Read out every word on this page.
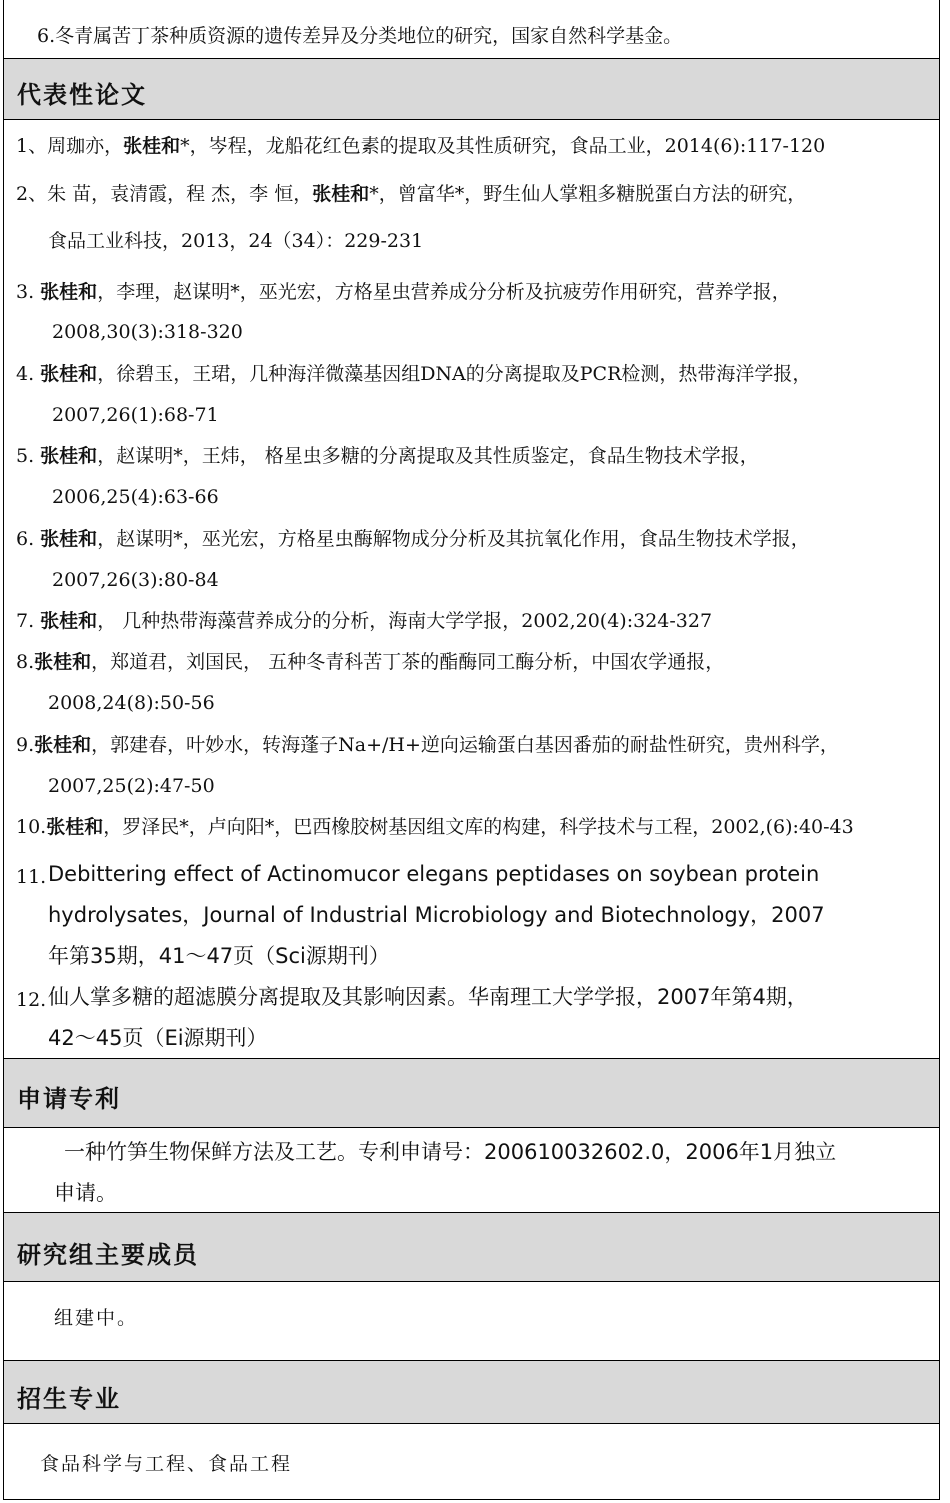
6.冬青属苦丁茶种质资源的遗传差异及分类地位的研究，国家自然科学基金。
代表性论文
1、周珈亦，张桂和*，岑程，龙船花红色素的提取及其性质研究，食品工业，2014(6):117-120
2、朱 苗，袁清霞，程 杰，李 恒，张桂和*，曾富华*，野生仙人掌粗多糖脱蛋白方法的研究，
食品工业科技，2013，24（34）：229-231
3. 张桂和，李理，赵谋明*，巫光宏，方格星虫营养成分分析及抗疲劳作用研究，营养学报，
2008,30(3):318-320
4. 张桂和，徐碧玉，王珺，几种海洋微藻基因组DNA的分离提取及PCR检测，热带海洋学报，
2007,26(1):68-71
5. 张桂和，赵谋明*，王炜， 格星虫多糖的分离提取及其性质鉴定，食品生物技术学报，
2006,25(4):63-66
6. 张桂和，赵谋明*，巫光宏，方格星虫酶解物成分分析及其抗氧化作用，食品生物技术学报，
2007,26(3):80-84
7. 张桂和， 几种热带海藻营养成分的分析，海南大学学报，2002,20(4):324-327
8.张桂和，郑道君，刘国民， 五种冬青科苦丁茶的酯酶同工酶分析，中国农学通报，
2008,24(8):50-56
9.张桂和，郭建春，叶妙水，转海蓬子Na+/H+逆向运输蛋白基因番茄的耐盐性研究，贵州科学，
2007,25(2):47-50
10.张桂和，罗泽民*，卢向阳*，巴西橡胶树基因组文库的构建，科学技术与工程，2002,(6):40-43
11. Debittering effect of Actinomucor elegans peptidases on soybean protein
hydrolysates，Journal of Industrial Microbiology and Biotechnology，2007
年第35期，41～47页（Sci源期刊）
12. 仙人掌多糖的超滤膜分离提取及其影响因素。华南理工大学学报，2007年第4期，
42～45页（Ei源期刊）
申请专利
一种竹笋生物保鲜方法及工艺。专利申请号：200610032602.0，2006年1月独立
申请。
研究组主要成员
组建中。
招生专业
食品科学与工程、食品工程
